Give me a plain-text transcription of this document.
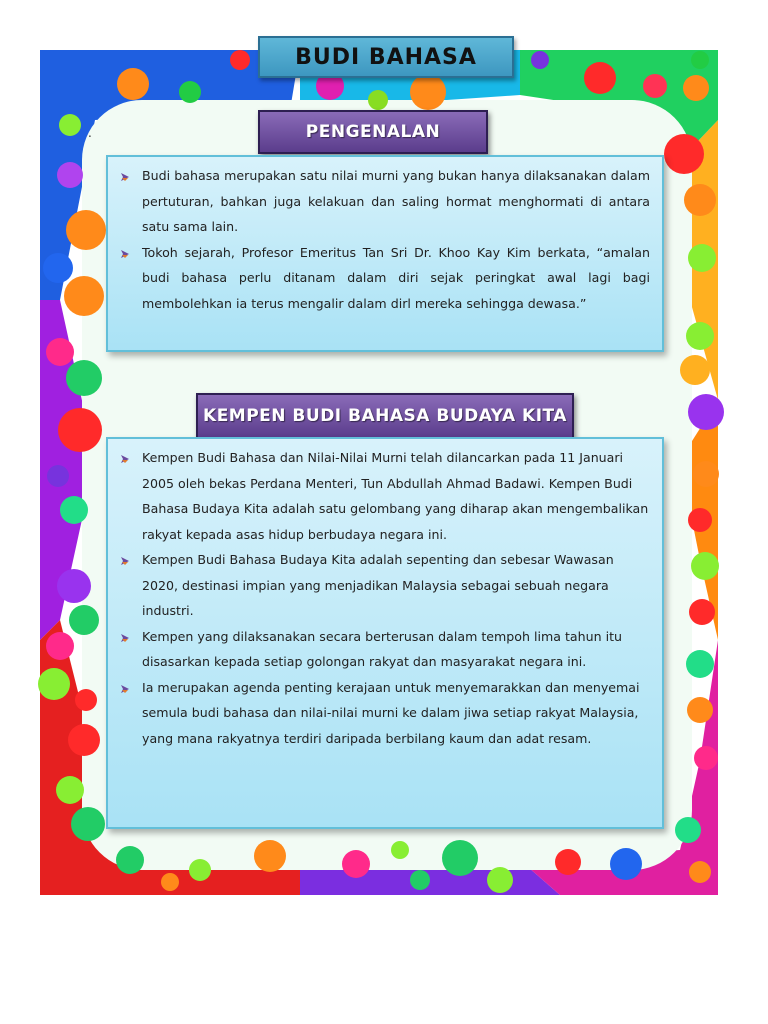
.
BUDI BAHASA
PENGENALAN
Budi bahasa merupakan satu nilai murni yang bukan hanya dilaksanakan dalam pertuturan, bahkan juga kelakuan dan saling hormat menghormati di antara satu sama lain.
Tokoh sejarah, Profesor Emeritus Tan Sri Dr. Khoo Kay Kim berkata, “amalan budi bahasa perlu ditanam dalam diri sejak peringkat awal lagi bagi membolehkan ia terus mengalir dalam dirl mereka sehingga dewasa.”
KEMPEN BUDI BAHASA BUDAYA KITA
Kempen Budi Bahasa dan Nilai-Nilai Murni telah dilancarkan pada 11 Januari 2005 oleh bekas Perdana Menteri, Tun Abdullah Ahmad Badawi. Kempen Budi Bahasa Budaya Kita adalah satu gelombang yang diharap akan mengembalikan rakyat kepada asas hidup berbudaya negara ini.
Kempen Budi Bahasa Budaya Kita adalah sepenting dan sebesar Wawasan 2020, destinasi impian yang menjadikan Malaysia sebagai sebuah negara industri.
Kempen yang dilaksanakan secara berterusan dalam tempoh lima tahun itu disasarkan kepada setiap golongan rakyat dan masyarakat negara ini.
Ia merupakan agenda penting kerajaan untuk menyemarakkan dan menyemai semula budi bahasa dan nilai-nilai murni ke dalam jiwa setiap rakyat Malaysia, yang mana rakyatnya terdiri daripada berbilang kaum dan adat resam.
